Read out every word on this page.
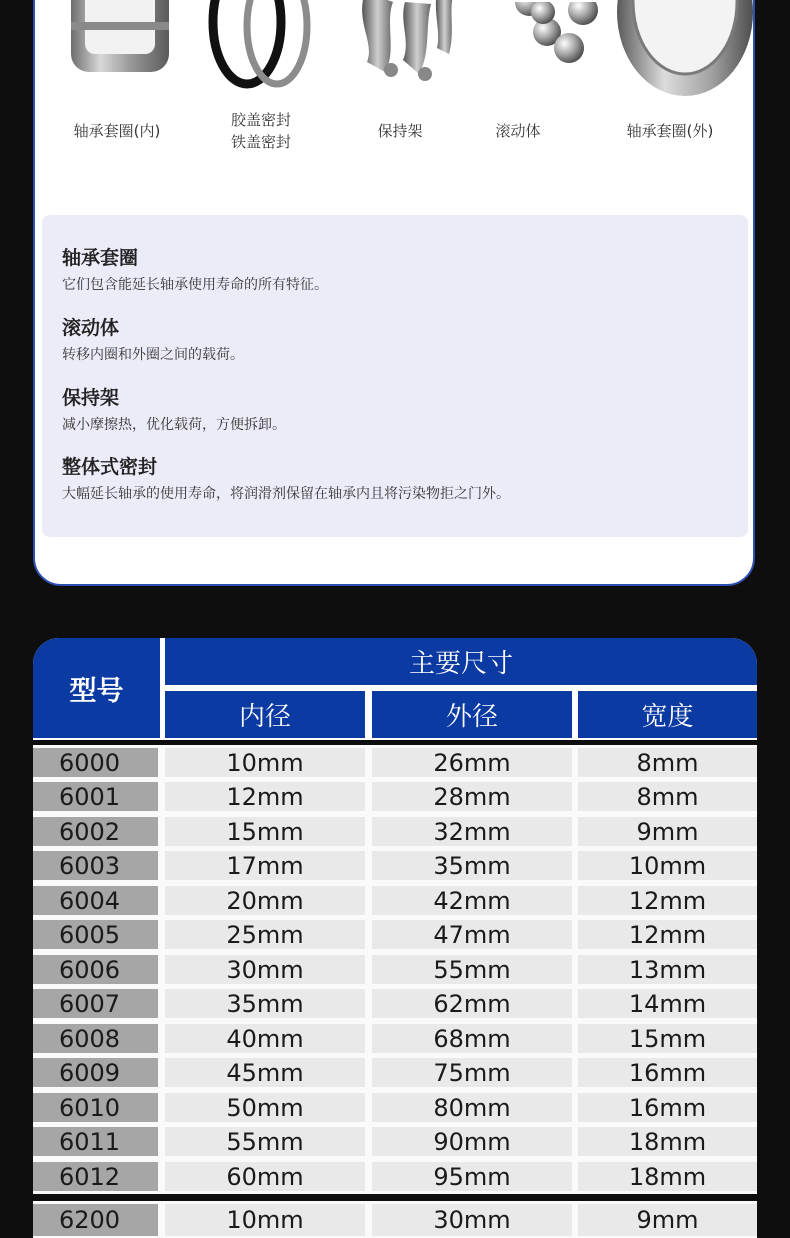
轴承套圈(内)
胶盖密封
铁盖密封
保持架	滚动体	轴承套圈(外)
轴承套圈
它们包含能延长轴承使用寿命的所有特征。
滚动体
转移内圈和外圈之间的载荷。
保持架
减小摩擦热，优化载荷，方便拆卸。
整体式密封
大幅延长轴承的使用寿命，将润滑剂保留在轴承内且将污染物拒之门外。
型号
主要尺寸
内径	外径	宽度
6000	10mm	26mm	8mm
6001	12mm	28mm	8mm
6002	15mm	32mm	9mm
6003	17mm	35mm	10mm
6004	20mm	42mm	12mm
6005	25mm	47mm	12mm
6006	30mm	55mm	13mm
6007	35mm	62mm	14mm
6008	40mm	68mm	15mm
6009	45mm	75mm	16mm
6010	50mm	80mm	16mm
6011	55mm	90mm	18mm
6012	60mm	95mm	18mm
6200	10mm	30mm	9mm
